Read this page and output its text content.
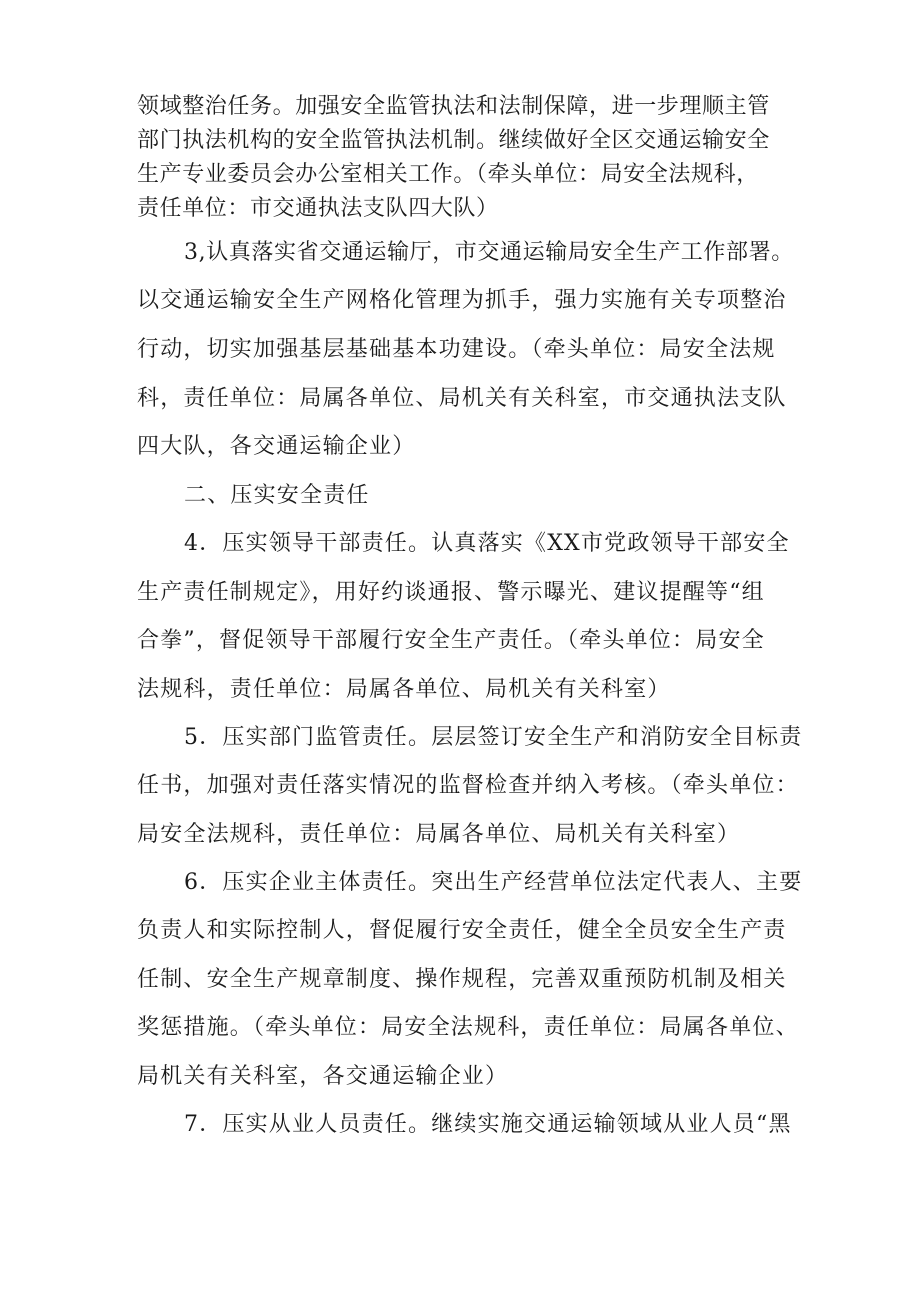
领域整治任务。加强安全监管执法和法制保障，进一步理顺主管
部门执法机构的安全监管执法机制。继续做好全区交通运输安全
生产专业委员会办公室相关工作。（牵头单位：局安全法规科，
责任单位：市交通执法支队四大队）
3,认真落实省交通运输厅，市交通运输局安全生产工作部署。
以交通运输安全生产网格化管理为抓手，强力实施有关专项整治
行动，切实加强基层基础基本功建设。（牵头单位：局安全法规
科，责任单位：局属各单位、局机关有关科室，市交通执法支队
四大队，各交通运输企业）
二、压实安全责任
4．压实领导干部责任。认真落实《XX市党政领导干部安全
生产责任制规定》，用好约谈通报、警示曝光、建议提醒等“组
合拳”，督促领导干部履行安全生产责任。（牵头单位：局安全
法规科，责任单位：局属各单位、局机关有关科室）
5．压实部门监管责任。层层签订安全生产和消防安全目标责
任书，加强对责任落实情况的监督检查并纳入考核。（牵头单位：
局安全法规科，责任单位：局属各单位、局机关有关科室）
6．压实企业主体责任。突出生产经营单位法定代表人、主要
负责人和实际控制人，督促履行安全责任，健全全员安全生产责
任制、安全生产规章制度、操作规程，完善双重预防机制及相关
奖惩措施。（牵头单位：局安全法规科，责任单位：局属各单位、
局机关有关科室，各交通运输企业）
7．压实从业人员责任。继续实施交通运输领域从业人员“黑
